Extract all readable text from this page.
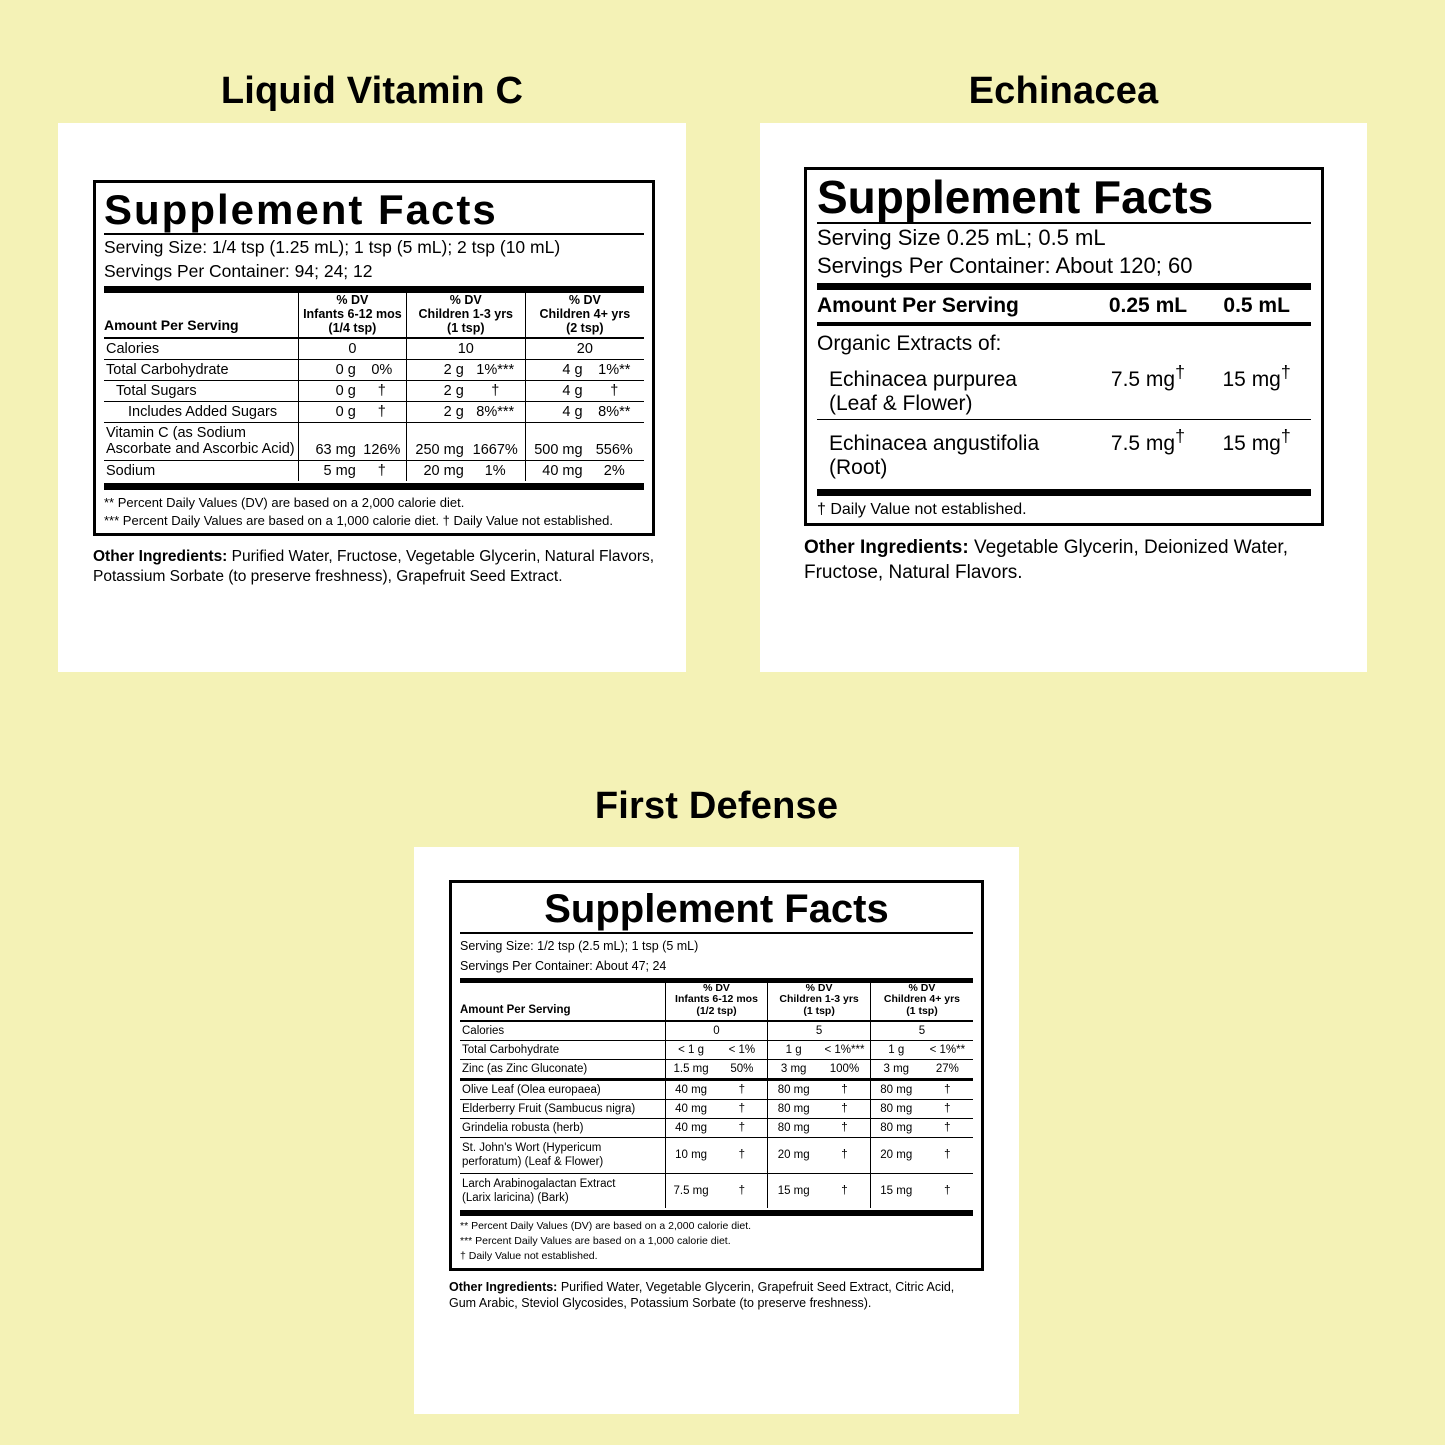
Liquid Vitamin C
Supplement Facts
Serving Size: 1/4 tsp (1.25 mL); 1 tsp (5 mL); 2 tsp (10 mL)
Servings Per Container: 94; 24; 12
Amount Per Serving	
% DV
Infants 6-12 mos
(1/4 tsp)

% DV
Children 1-3 yrs
(1 tsp)

% DV
Children 4+ yrs
(2 tsp)

Calories	0		10		20	
Total Carbohydrate	0 g	0%	2 g	1%***	4 g	1%**
Total Sugars	0 g	†	2 g	†	4 g	†
Includes Added Sugars	0 g	†	2 g	8%***	4 g	8%**
Vitamin C (as Sodium Ascorbate and Ascorbic Acid)	63 mg	126%	250 mg	1667%	500 mg	556%
Sodium	5 mg	†	20 mg	1%	40 mg	2%
** Percent Daily Values (DV) are based on a 2,000 calorie diet.
*** Percent Daily Values are based on a 1,000 calorie diet. † Daily Value not established.
Other Ingredients: Purified Water, Fructose, Vegetable Glycerin, Natural Flavors, Potassium Sorbate (to preserve freshness), Grapefruit Seed Extract.
Echinacea
Supplement Facts
Serving Size 0.25 mL; 0.5 mL
Servings Per Container: About 120; 60
Amount Per Serving	0.25 mL	0.5 mL

Organic Extracts of:		

Echinacea purpurea	7.5 mg†	15 mg†
(Leaf & Flower)		

Echinacea angustifolia	7.5 mg†	15 mg†
(Root)		
† Daily Value not established.
Other Ingredients: Vegetable Glycerin, Deionized Water, Fructose, Natural Flavors.
First Defense
Supplement Facts
Serving Size: 1/2 tsp (2.5 mL); 1 tsp (5 mL)
Servings Per Container: About 47; 24
Amount Per Serving	
% DV
Infants 6-12 mos
(1/2 tsp)

% DV
Children 1-3 yrs
(1 tsp)

% DV
Children 4+ yrs
(1 tsp)

Calories	0		5		5	
Total Carbohydrate	< 1 g	< 1%	1 g	< 1%***	1 g	< 1%**
Zinc (as Zinc Gluconate)	1.5 mg	50%	3 mg	100%	3 mg	27%
Olive Leaf (Olea europaea)	40 mg	†	80 mg	†	80 mg	†
Elderberry Fruit (Sambucus nigra)	40 mg	†	80 mg	†	80 mg	†
Grindelia robusta (herb)	40 mg	†	80 mg	†	80 mg	†

St. John's Wort (Hypericum
perforatum) (Leaf & Flower)	10 mg	†	20 mg	†	20 mg	†

Larch Arabinogalactan Extract
(Larix laricina) (Bark)	7.5 mg	†	15 mg	†	15 mg	†
** Percent Daily Values (DV) are based on a 2,000 calorie diet.
*** Percent Daily Values are based on a 1,000 calorie diet.
† Daily Value not established.
Other Ingredients: Purified Water, Vegetable Glycerin, Grapefruit Seed Extract, Citric Acid, Gum Arabic, Steviol Glycosides, Potassium Sorbate (to preserve freshness).
